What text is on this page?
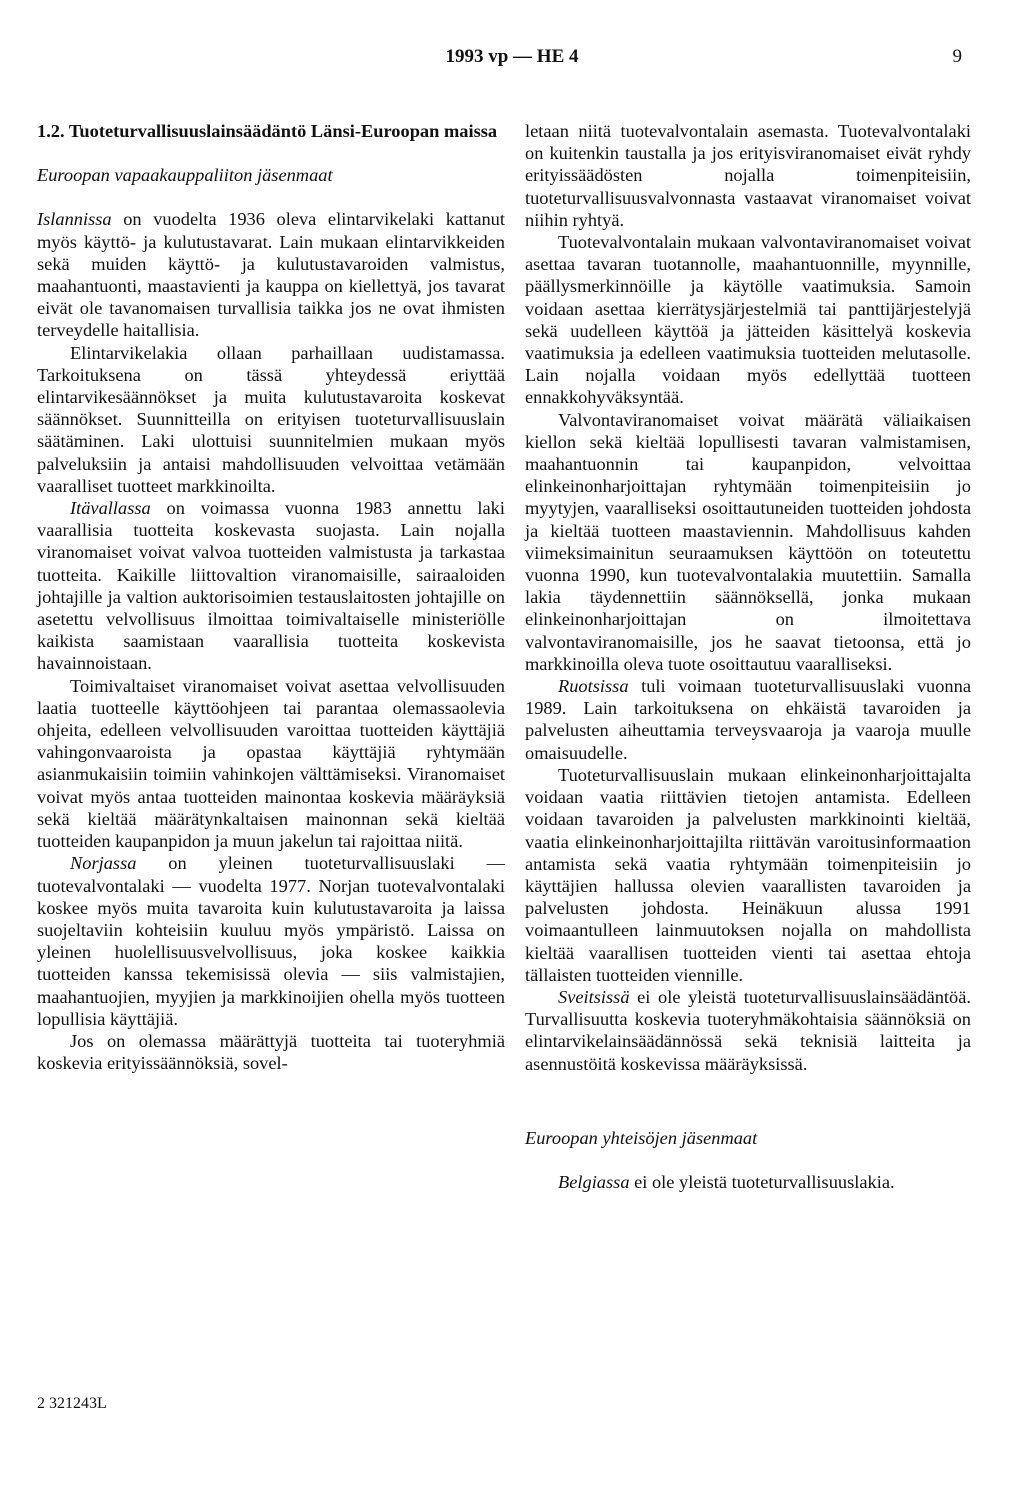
1993 vp — HE 4	9
1.2. Tuoteturvallisuuslainsäädäntö Länsi-Euroopan maissa

Euroopan vapaakauppaliiton jäsenmaat

Islannissa on vuodelta 1936 oleva elintarvikelaki kattanut myös käyttö- ja kulutustavarat. Lain mukaan elintarvikkeiden sekä muiden käyttö- ja kulutustavaroiden valmistus, maahantuonti, maastavienti ja kauppa on kiellettyä, jos tavarat eivät ole tavanomaisen turvallisia taikka jos ne ovat ihmisten terveydelle haitallisia.

Elintarvikelakia ollaan parhaillaan uudistamassa. Tarkoituksena on tässä yhteydessä eriyttää elintarvikesäännökset ja muita kulutustavaroita koskevat säännökset. Suunnitteilla on erityisen tuoteturvallisuuslain säätäminen. Laki ulottuisi suunnitelmien mukaan myös palveluksiin ja antaisi mahdollisuuden velvoittaa vetämään vaaralliset tuotteet markkinoilta.

Itävallassa on voimassa vuonna 1983 annettu laki vaarallisia tuotteita koskevasta suojasta. Lain nojalla viranomaiset voivat valvoa tuotteiden valmistusta ja tarkastaa tuotteita. Kaikille liittovaltion viranomaisille, sairaaloiden johtajille ja valtion auktorisoimien testauslaitosten johtajille on asetettu velvollisuus ilmoittaa toimivaltaiselle ministeriölle kaikista saamistaan vaarallisia tuotteita koskevista havainnoistaan.

Toimivaltaiset viranomaiset voivat asettaa velvollisuuden laatia tuotteelle käyttöohjeen tai parantaa olemassaolevia ohjeita, edelleen velvollisuuden varoittaa tuotteiden käyttäjiä vahingonvaaroista ja opastaa käyttäjiä ryhtymään asianmukaisiin toimiin vahinkojen välttämiseksi. Viranomaiset voivat myös antaa tuotteiden mainontaa koskevia määräyksiä sekä kieltää määrätynkaltaisen mainonnan sekä kieltää tuotteiden kaupanpidon ja muun jakelun tai rajoittaa niitä.

Norjassa on yleinen tuoteturvallisuuslaki — tuotevalvontalaki — vuodelta 1977. Norjan tuotevalvontalaki koskee myös muita tavaroita kuin kulutustavaroita ja laissa suojeltaviin kohteisiin kuuluu myös ympäristö. Laissa on yleinen huolellisuusvelvollisuus, joka koskee kaikkia tuotteiden kanssa tekemisissä olevia — siis valmistajien, maahantuojien, myyjien ja markkinoijien ohella myös tuotteen lopullisia käyttäjiä.

Jos on olemassa määrättyjä tuotteita tai tuoteryhmiä koskevia erityissäännöksiä, sovel-

letaan niitä tuotevalvontalain asemasta. Tuotevalvontalaki on kuitenkin taustalla ja jos erityisviranomaiset eivät ryhdy erityissäädösten nojalla toimenpiteisiin, tuoteturvallisuusvalvonnasta vastaavat viranomaiset voivat niihin ryhtyä.

Tuotevalvontalain mukaan valvontaviranomaiset voivat asettaa tavaran tuotannolle, maahantuonnille, myynnille, päällysmerkinnöille ja käytölle vaatimuksia. Samoin voidaan asettaa kierrätysjärjestelmiä tai panttijärjestelyjä sekä uudelleen käyttöä ja jätteiden käsittelyä koskevia vaatimuksia ja edelleen vaatimuksia tuotteiden melutasolle. Lain nojalla voidaan myös edellyttää tuotteen ennakkohyväksyntää.

Valvontaviranomaiset voivat määrätä väliaikaisen kiellon sekä kieltää lopullisesti tavaran valmistamisen, maahantuonnin tai kaupanpidon, velvoittaa elinkeinonharjoittajan ryhtymään toimenpiteisiin jo myytyjen, vaaralliseksi osoittautuneiden tuotteiden johdosta ja kieltää tuotteen maastaviennin. Mahdollisuus kahden viimeksimainitun seuraamuksen käyttöön on toteutettu vuonna 1990, kun tuotevalvontalakia muutettiin. Samalla lakia täydennettiin säännöksellä, jonka mukaan elinkeinonharjoittajan on ilmoitettava valvontaviranomaisille, jos he saavat tietoonsa, että jo markkinoilla oleva tuote osoittautuu vaaralliseksi.

Ruotsissa tuli voimaan tuoteturvallisuuslaki vuonna 1989. Lain tarkoituksena on ehkäistä tavaroiden ja palvelusten aiheuttamia terveysvaaroja ja vaaroja muulle omaisuudelle.

Tuoteturvallisuuslain mukaan elinkeinonharjoittajalta voidaan vaatia riittävien tietojen antamista. Edelleen voidaan tavaroiden ja palvelusten markkinointi kieltää, vaatia elinkeinonharjoittajilta riittävän varoitusinformaation antamista sekä vaatia ryhtymään toimenpiteisiin jo käyttäjien hallussa olevien vaarallisten tavaroiden ja palvelusten johdosta. Heinäkuun alussa 1991 voimaantulleen lainmuutoksen nojalla on mahdollista kieltää vaarallisen tuotteiden vienti tai asettaa ehtoja tällaisten tuotteiden viennille.

Sveitsissä ei ole yleistä tuoteturvallisuuslainsäädäntöä. Turvallisuutta koskevia tuoteryhmäkohtaisia säännöksiä on elintarvikelainsäädännössä sekä teknisiä laitteita ja asennustöitä koskevissa määräyksissä.

Euroopan yhteisöjen jäsenmaat

Belgiassa ei ole yleistä tuoteturvallisuuslakia.

2 321243L
